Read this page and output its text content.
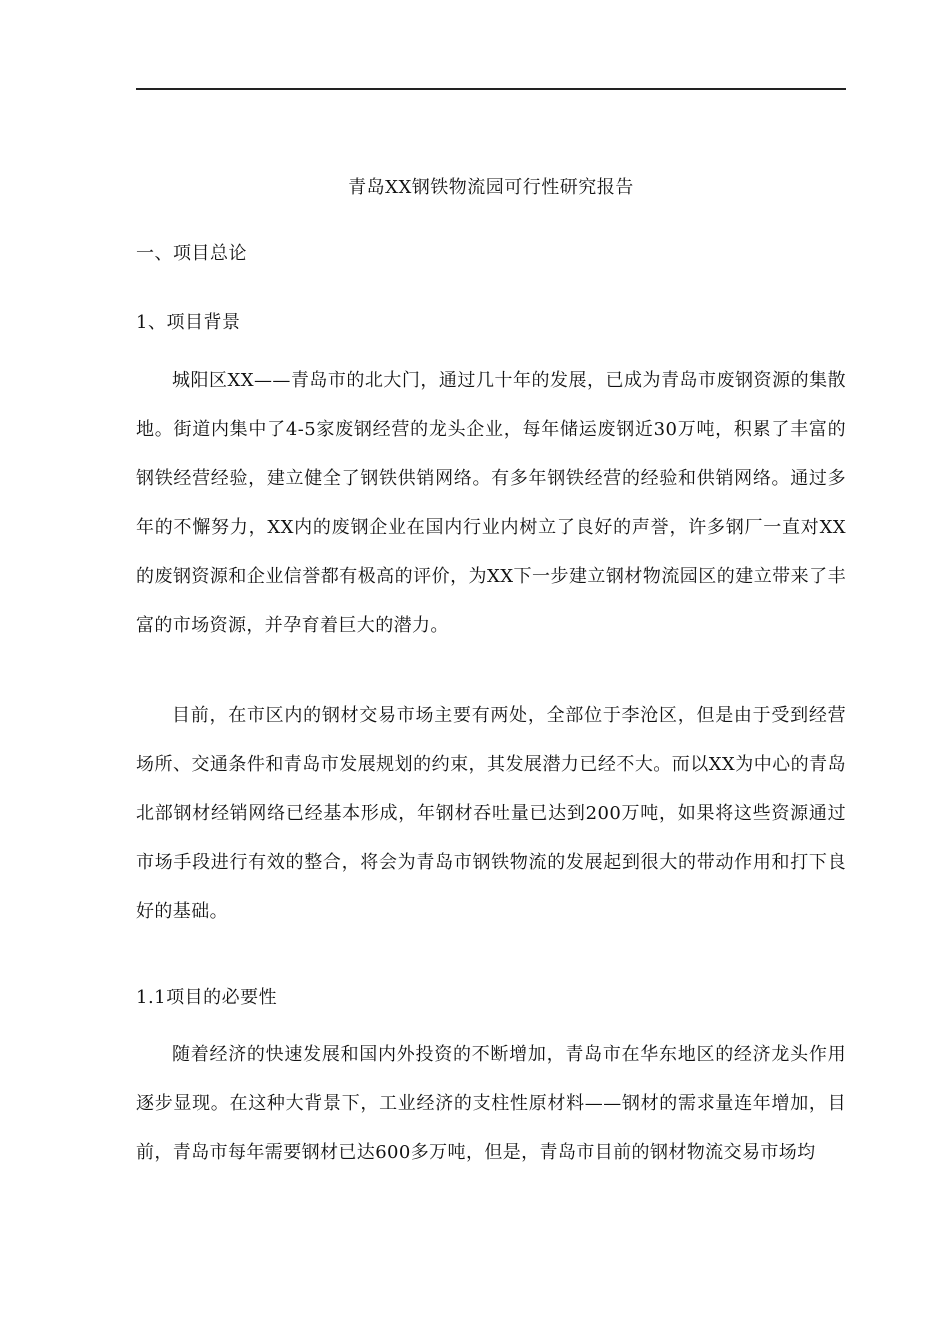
青岛XX钢铁物流园可行性研究报告
一、项目总论
1、项目背景

城阳区XX——青岛市的北大门，通过几十年的发展，已成为青岛市废钢资源的集散地。街道内集中了4-5家废钢经营的龙头企业，每年储运废钢近30万吨，积累了丰富的钢铁经营经验，建立健全了钢铁供销网络。有多年钢铁经营的经验和供销网络。通过多年的不懈努力，XX内的废钢企业在国内行业内树立了良好的声誉，许多钢厂一直对XX的废钢资源和企业信誉都有极高的评价，为XX下一步建立钢材物流园区的建立带来了丰富的市场资源，并孕育着巨大的潜力。

目前，在市区内的钢材交易市场主要有两处，全部位于李沧区，但是由于受到经营场所、交通条件和青岛市发展规划的约束，其发展潜力已经不大。而以XX为中心的青岛北部钢材经销网络已经基本形成，年钢材吞吐量已达到200万吨，如果将这些资源通过市场手段进行有效的整合，将会为青岛市钢铁物流的发展起到很大的带动作用和打下良好的基础。

1.1项目的必要性

随着经济的快速发展和国内外投资的不断增加，青岛市在华东地区的经济龙头作用逐步显现。在这种大背景下，工业经济的支柱性原材料——钢材的需求量连年增加，目前，青岛市每年需要钢材已达600多万吨，但是，青岛市目前的钢材物流交易市场均
